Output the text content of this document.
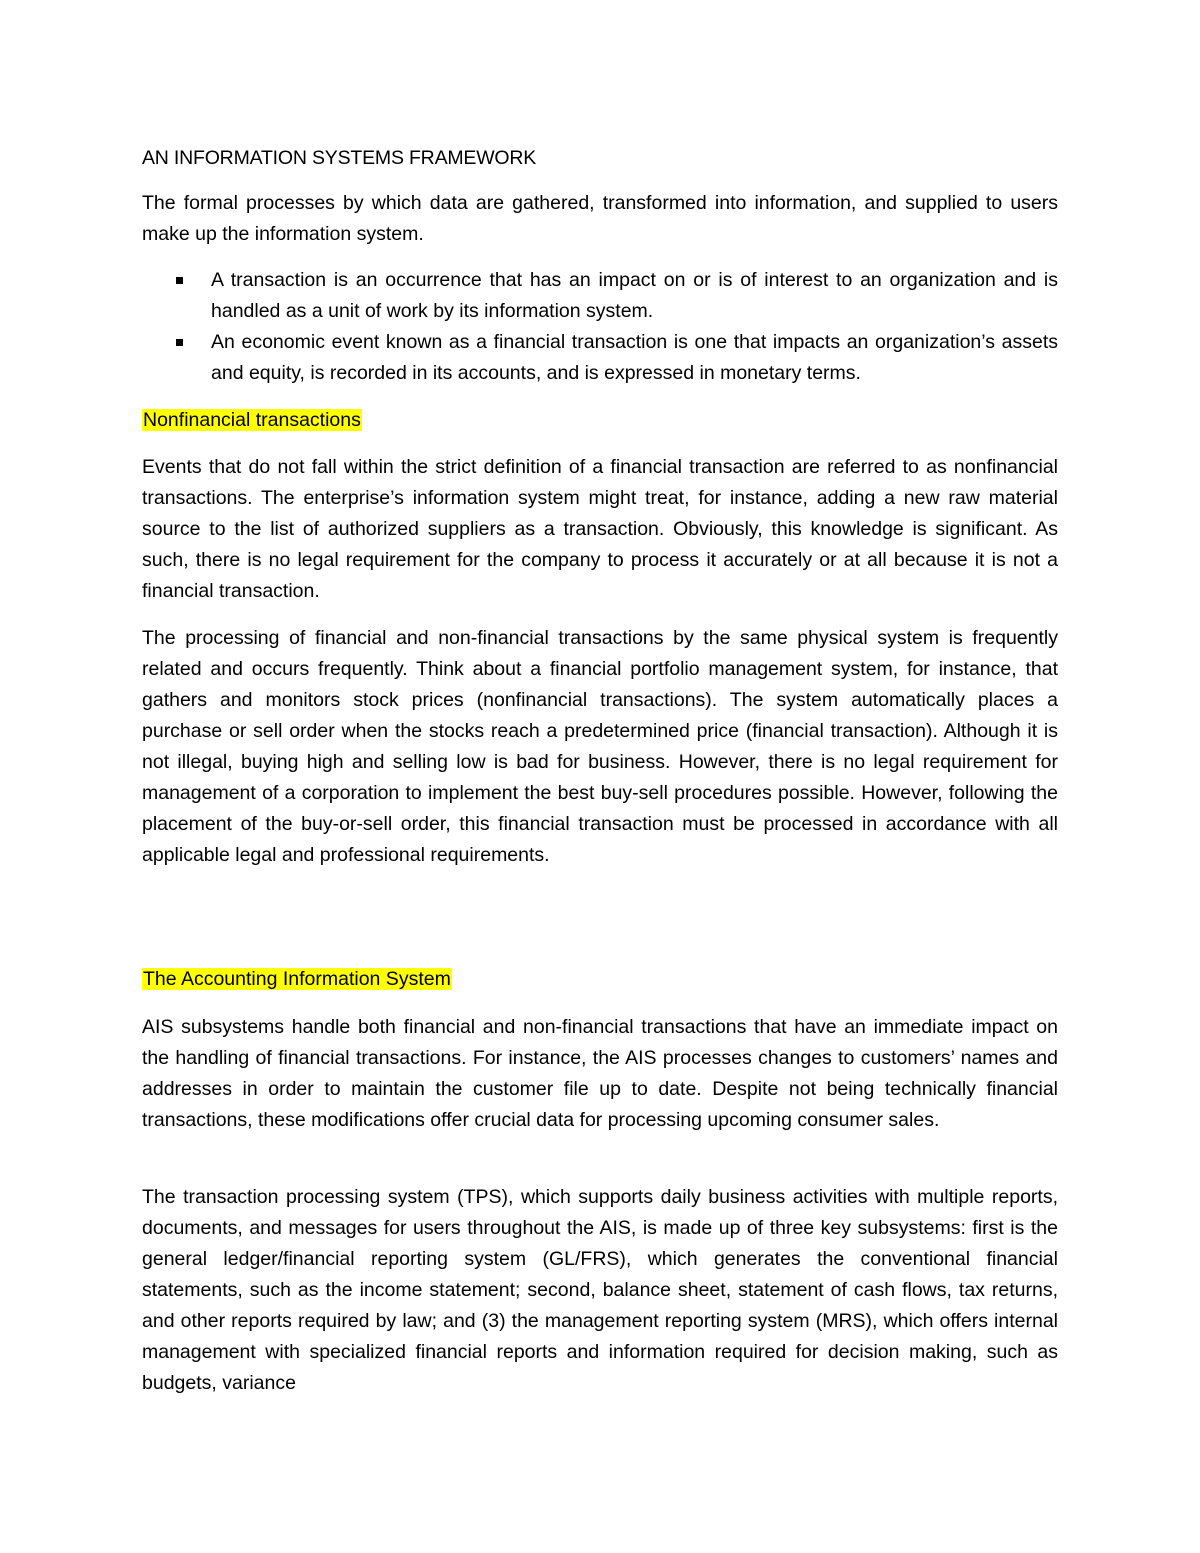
AN INFORMATION SYSTEMS FRAMEWORK

The formal processes by which data are gathered, transformed into information, and supplied to users make up the information system.

A transaction is an occurrence that has an impact on or is of interest to an organization and is handled as a unit of work by its information system.
An economic event known as a financial transaction is one that impacts an organization’s assets and equity, is recorded in its accounts, and is expressed in monetary terms.
Nonfinancial transactions

Events that do not fall within the strict definition of a financial transaction are referred to as nonfinancial transactions. The enterprise’s information system might treat, for instance, adding a new raw material source to the list of authorized suppliers as a transaction. Obviously, this knowledge is significant. As such, there is no legal requirement for the company to process it accurately or at all because it is not a financial transaction.

The processing of financial and non-financial transactions by the same physical system is frequently related and occurs frequently. Think about a financial portfolio management system, for instance, that gathers and monitors stock prices (nonfinancial transactions). The system automatically places a purchase or sell order when the stocks reach a predetermined price (financial transaction). Although it is not illegal, buying high and selling low is bad for business. However, there is no legal requirement for management of a corporation to implement the best buy-sell procedures possible. However, following the placement of the buy-or-sell order, this financial transaction must be processed in accordance with all applicable legal and professional requirements.

The Accounting Information System

AIS subsystems handle both financial and non-financial transactions that have an immediate impact on the handling of financial transactions. For instance, the AIS processes changes to customers’ names and addresses in order to maintain the customer file up to date. Despite not being technically financial transactions, these modifications offer crucial data for processing upcoming consumer sales.

The transaction processing system (TPS), which supports daily business activities with multiple reports, documents, and messages for users throughout the AIS, is made up of three key subsystems: first is the general ledger/financial reporting system (GL/FRS), which generates the conventional financial statements, such as the income statement; second, balance sheet, statement of cash flows, tax returns, and other reports required by law; and (3) the management reporting system (MRS), which offers internal management with specialized financial reports and information required for decision making, such as budgets, variance
